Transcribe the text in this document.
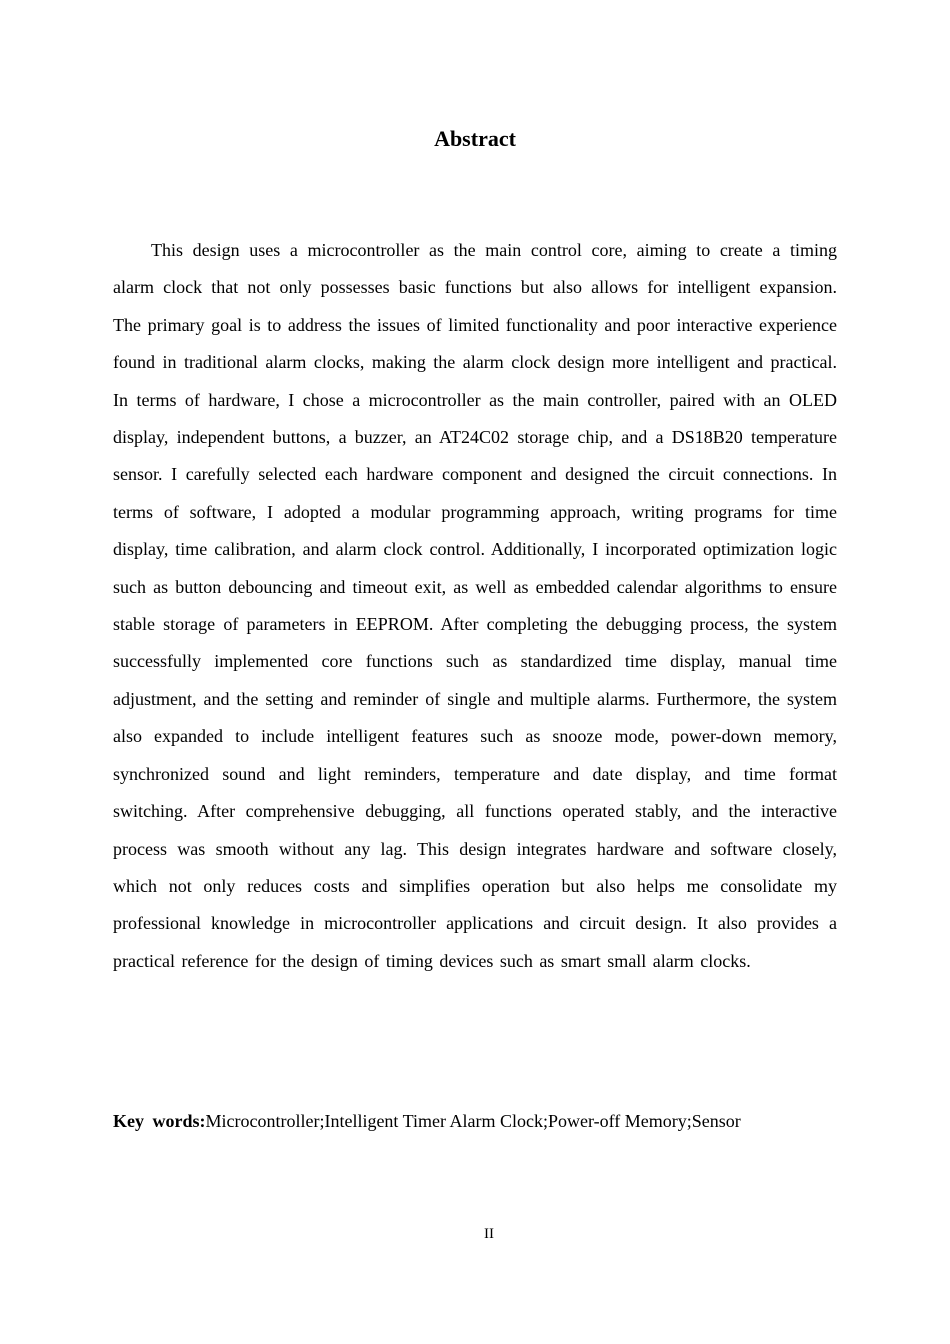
Abstract

This design uses a microcontroller as the main control core, aiming to create a timing alarm clock that not only possesses basic functions but also allows for intelligent expansion. The primary goal is to address the issues of limited functionality and poor interactive experience found in traditional alarm clocks, making the alarm clock design more intelligent and practical. In terms of hardware, I chose a microcontroller as the main controller, paired with an OLED display, independent buttons, a buzzer, an AT24C02 storage chip, and a DS18B20 temperature sensor. I carefully selected each hardware component and designed the circuit connections. In terms of software, I adopted a modular programming approach, writing programs for time display, time calibration, and alarm clock control. Additionally, I incorporated optimization logic such as button debouncing and timeout exit, as well as embedded calendar algorithms to ensure stable storage of parameters in EEPROM. After completing the debugging process, the system successfully implemented core functions such as standardized time display, manual time adjustment, and the setting and reminder of single and multiple alarms. Furthermore, the system also expanded to include intelligent features such as snooze mode, power-down memory, synchronized sound and light reminders, temperature and date display, and time format switching. After comprehensive debugging, all functions operated stably, and the interactive process was smooth without any lag. This design integrates hardware and software closely, which not only reduces costs and simplifies operation but also helps me consolidate my professional knowledge in microcontroller applications and circuit design. It also provides a practical reference for the design of timing devices such as smart small alarm clocks.

Key words:Microcontroller;Intelligent Timer Alarm Clock;Power-off Memory;Sensor
II
